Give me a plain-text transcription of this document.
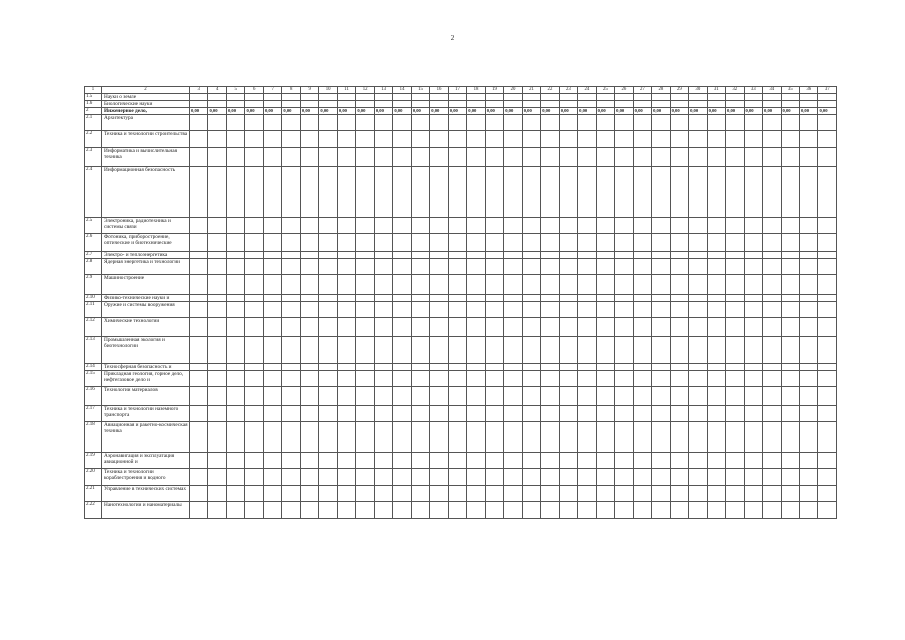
2
1	2	3	4	5	6	7	8	9	10	11	12	13	14	15	16	17	18	19	20	21	22	23	24	25	26	27	28	29	30	31	32	33	34	35	36	37
1.5	Науки о земле																																			
1.6	Биологические науки																																			
2	Инженерное дело,	0,00	0,00	0,00	0,00	0,00	0,00	0,00	0,00	0,00	0,00	0,00	0,00	0,00	0,00	0,00	0,00	0,00	0,00	0,00	0,00	0,00	0,00	0,00	0,00	0,00	0,00	0,00	0,00	0,00	0,00	0,00	0,00	0,00	0,00	0,00
2.1	Архитектура																																			
2.2	Техника и технологии строительства																																			
2.3	Информатика и вычислительная техника																																			
2.4	Информационная безопасность																																			
2.5	Электроника, радиотехника и системы связи																																			
2.6	Фотоника, приборостроение, оптические и биотехнические																																			
2.7	Электро- и теплоэнергетика																																			
2.8	Ядерная энергетика и технологии																																			
2.9	Машиностроение																																			
2.10	Физико-технические науки и																																			
2.11	Оружие и системы вооружения																																			
2.12	Химические технологии																																			
2.13	Промышленная экология и биотехнологии																																			
2.14	Техносферная безопасность и																																			
2.15	Прикладная геология, горное дело, нефтегазовое дело и																																			
2.16	Технологии материалов																																			
2.17	Техника и технологии наземного транспорта																																			
2.18	Авиационная и ракетно-космическая техника																																			
2.19	Аэронавигация и эксплуатация авиационной и																																			
2.20	Техника и технологии кораблестроения и водного																																			
2.21	Управление в технических системах																																			
2.22	Нанотехнологии и наноматериалы																																			
